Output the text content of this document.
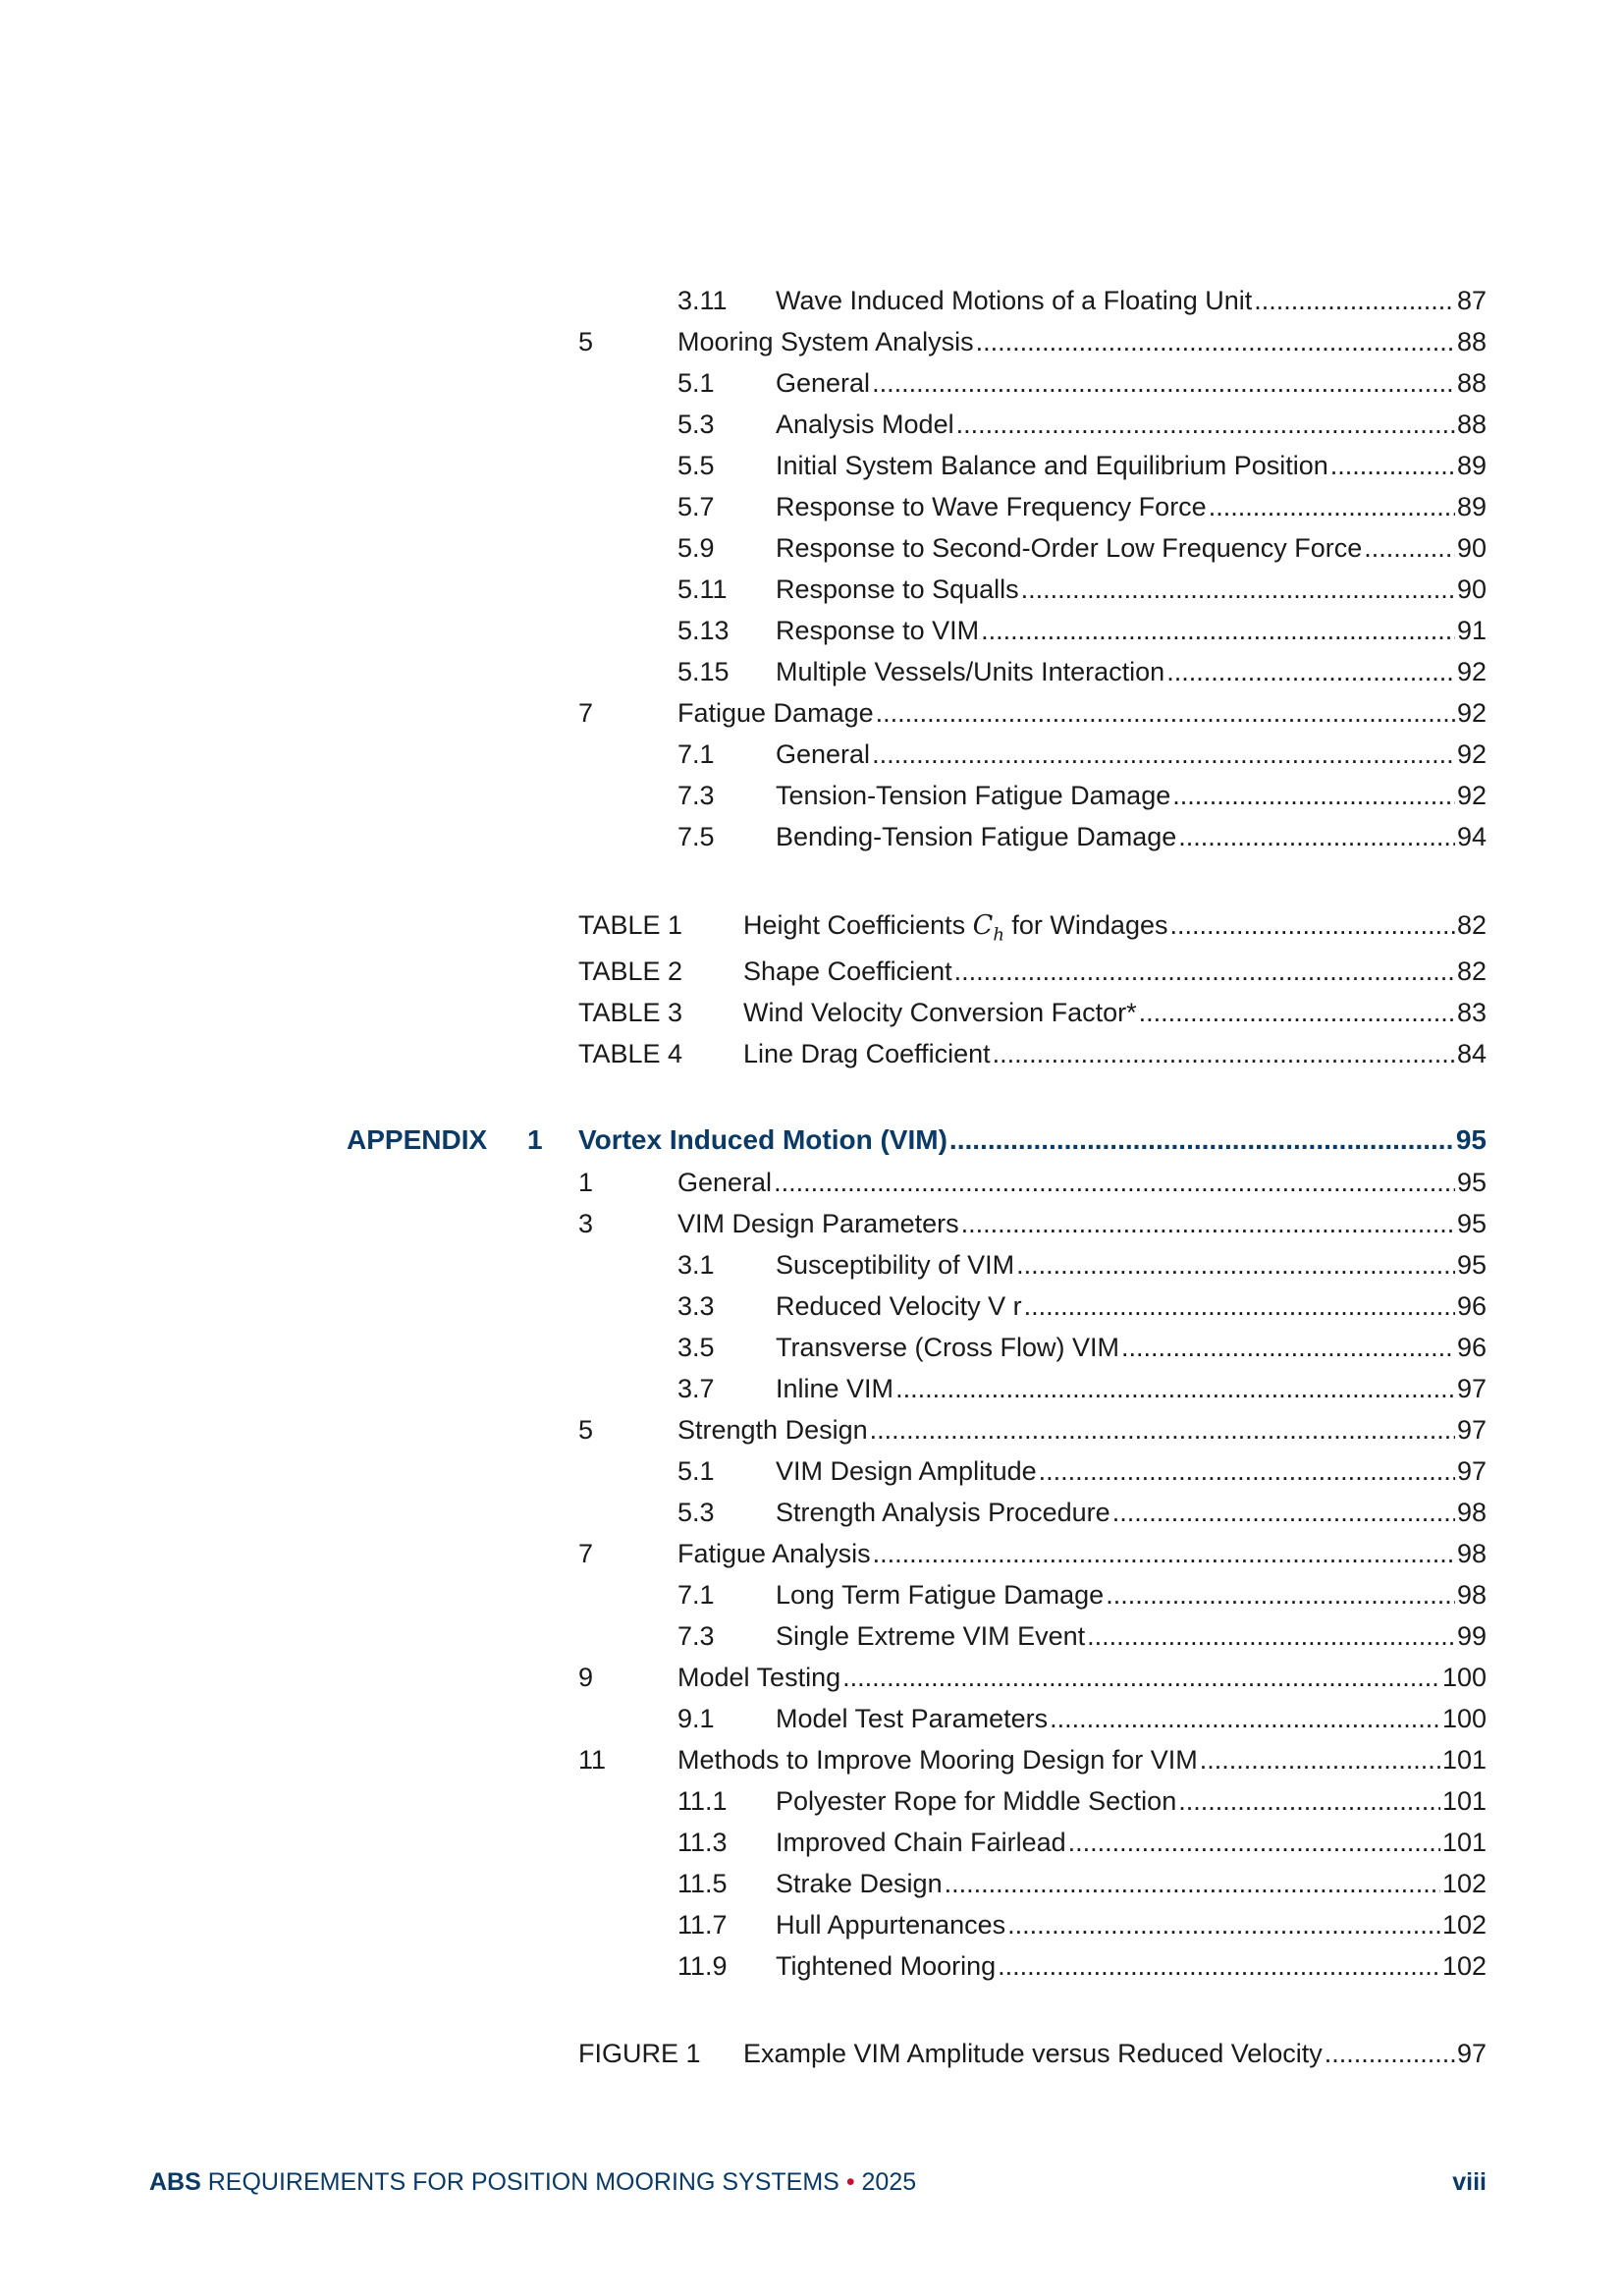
3.11 Wave Induced Motions of a Floating Unit .....	87
5	Mooring System Analysis .....	88
5.1 General .....	88
5.3 Analysis Model .....	88
5.5 Initial System Balance and Equilibrium Position .....	89
5.7 Response to Wave Frequency Force .....	89
5.9 Response to Second-Order Low Frequency Force .....	90
5.11 Response to Squalls .....	90
5.13 Response to VIM .....	91
5.15 Multiple Vessels/Units Interaction .....	92
7	Fatigue Damage .....	92
7.1 General .....	92
7.3 Tension-Tension Fatigue Damage .....	92
7.5 Bending-Tension Fatigue Damage .....	94
TABLE 1 Height Coefficients $C_h$ for Windages .....	82
TABLE 2 Shape Coefficient .....	82
TABLE 3 Wind Velocity Conversion Factor* .....	83
TABLE 4 Line Drag Coefficient .....	84
APPENDIX 1 Vortex Induced Motion (VIM) .....	95
1	General .....	95
3	VIM Design Parameters .....	95
3.1 Susceptibility of VIM .....	95
3.3 Reduced Velocity V r .....	96
3.5 Transverse (Cross Flow) VIM .....	96
3.7 Inline VIM .....	97
5	Strength Design .....	97
5.1 VIM Design Amplitude .....	97
5.3 Strength Analysis Procedure .....	98
7	Fatigue Analysis .....	98
7.1 Long Term Fatigue Damage .....	98
7.3 Single Extreme VIM Event .....	99
9	Model Testing .....	100
9.1 Model Test Parameters .....	100
11	Methods to Improve Mooring Design for VIM .....	101
11.1 Polyester Rope for Middle Section .....	101
11.3 Improved Chain Fairlead .....	101
11.5 Strake Design .....	102
11.7 Hull Appurtenances .....	102
11.9 Tightened Mooring .....	102
FIGURE 1 Example VIM Amplitude versus Reduced Velocity .....	97
ABS REQUIREMENTS FOR POSITION MOORING SYSTEMS • 2025	viii
